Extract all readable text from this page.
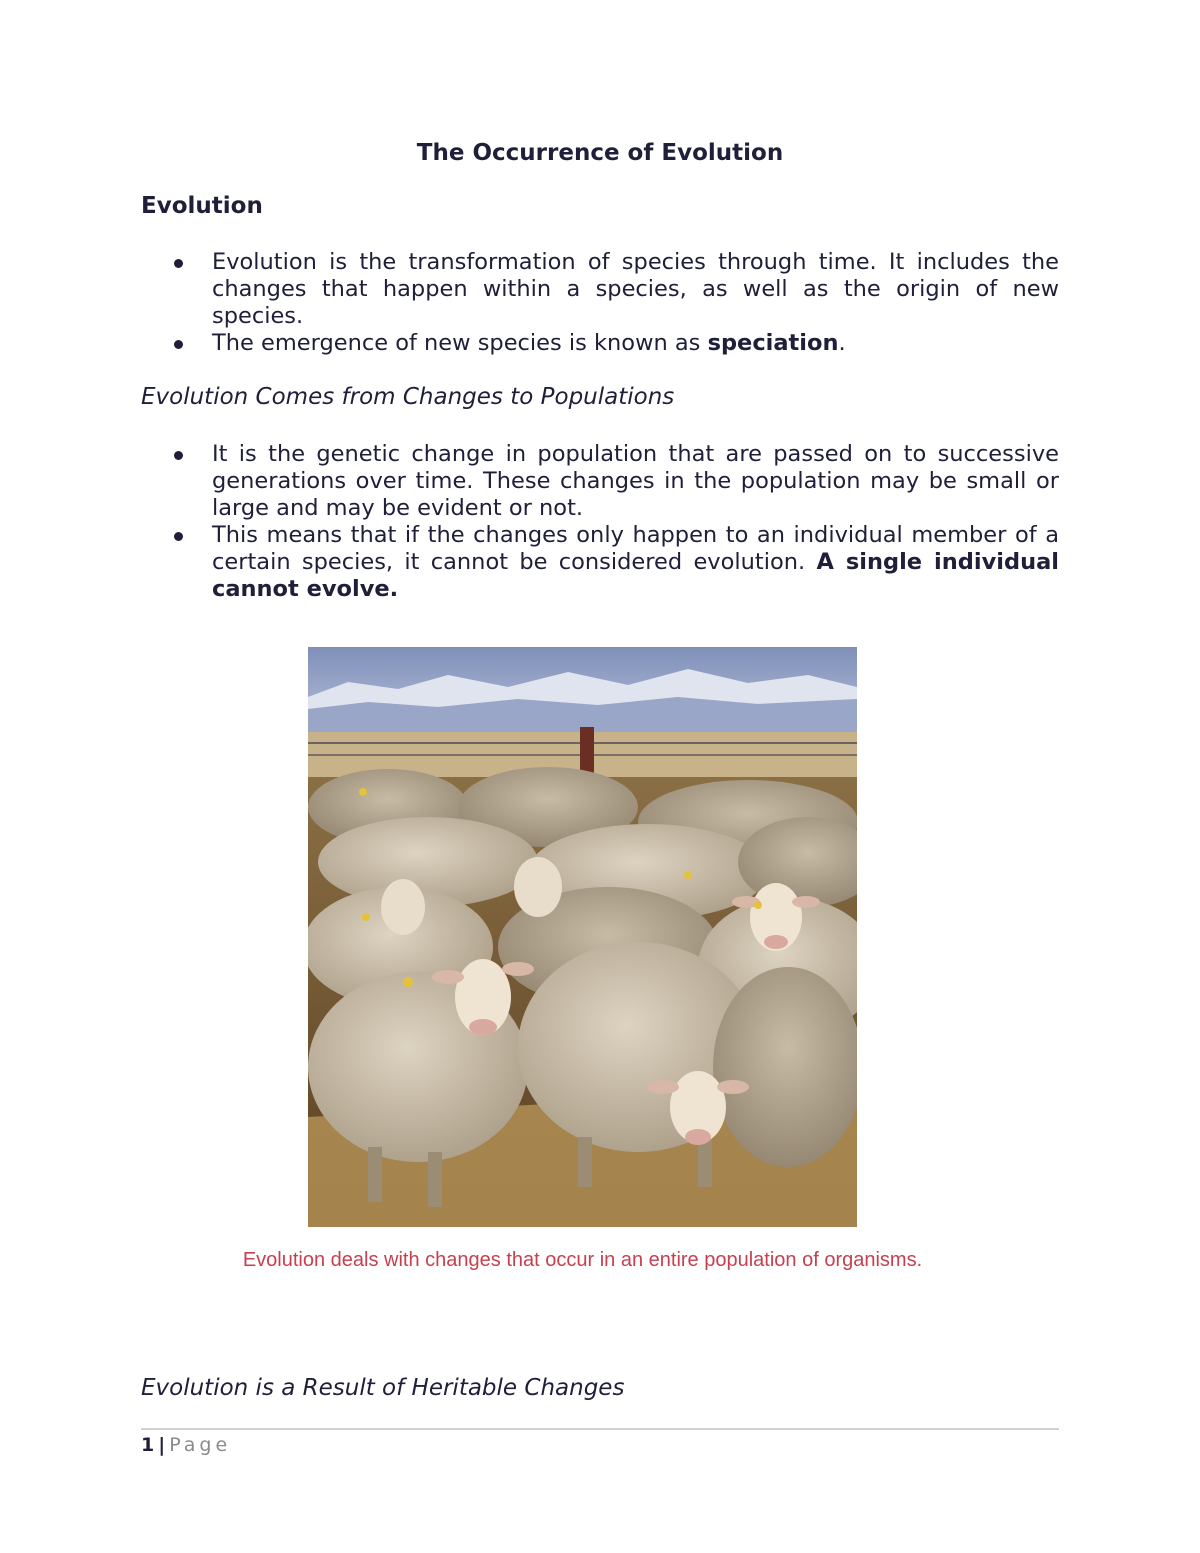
The Occurrence of Evolution
Evolution
Evolution is the transformation of species through time. It includes the changes that happen within a species, as well as the origin of new species.
The emergence of new species is known as speciation.
Evolution Comes from Changes to Populations
It is the genetic change in population that are passed on to successive generations over time. These changes in the population may be small or large and may be evident or not.
This means that if the changes only happen to an individual member of a certain species, it cannot be considered evolution. A single individual cannot evolve.
Evolution deals with changes that occur in an entire population of organisms.
Evolution is a Result of Heritable Changes
1 | Page
